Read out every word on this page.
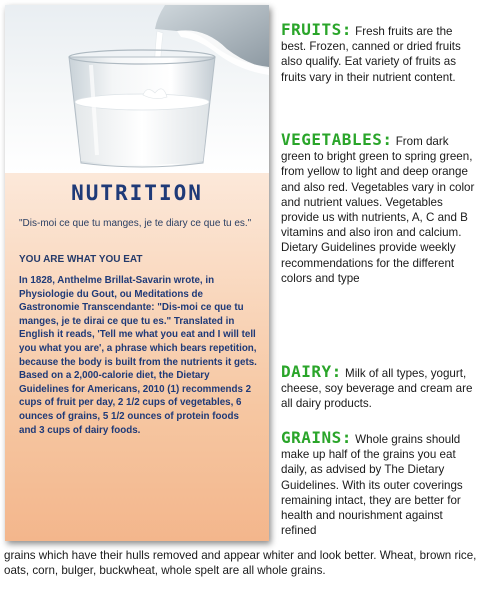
NUTRITION
"Dis-moi ce que tu manges, je te diary ce que tu es."
YOU ARE WHAT YOU EAT
In 1828, Anthelme Brillat-Savarin wrote, in Physiologie du Gout, ou Meditations de Gastronomie Transcendante: "Dis-moi ce que tu manges, je te dirai ce que tu es." Translated in English it reads, 'Tell me what you eat and I will tell you what you are', a phrase which bears repetition, because the body is built from the nutrients it gets. Based on a 2,000-calorie diet, the Dietary Guidelines for Americans, 2010 (1) recommends 2 cups of fruit per day, 2 1/2 cups of vegetables, 6 ounces of grains, 5 1/2 ounces of protein foods and 3 cups of dairy foods.
FRUITS: Fresh fruits are the best. Frozen, canned or dried fruits also qualify. Eat variety of fruits as fruits vary in their nutrient content.
VEGETABLES: From dark green to bright green to spring green, from yellow to light and deep orange and also red. Vegetables vary in color and nutrient values. Vegetables provide us with nutrients, A, C and B vitamins and also iron and calcium. Dietary Guidelines provide weekly recommendations for the different colors and type
DAIRY: Milk of all types, yogurt, cheese, soy beverage and cream are all dairy products.
GRAINS: Whole grains should make up half of the grains you eat daily, as advised by The Dietary Guidelines. With its outer coverings remaining intact, they are better for health and nourishment against refined
grains which have their hulls removed and appear whiter and look better. Wheat, brown rice, oats, corn, bulger, buckwheat, whole spelt are all whole grains.
